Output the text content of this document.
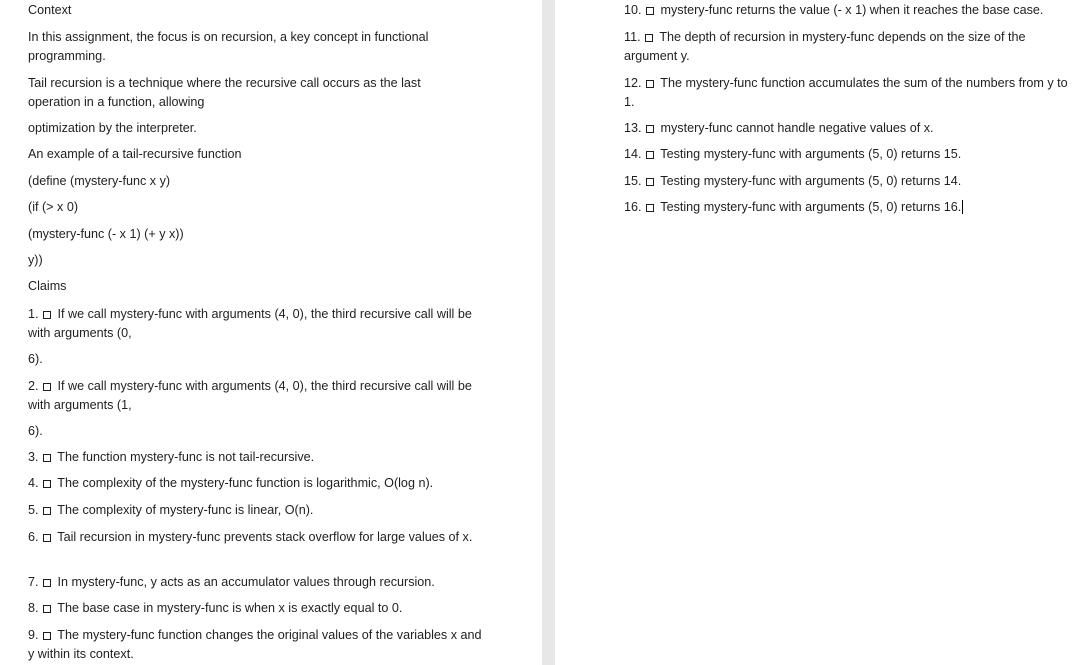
Context
In this assignment, the focus is on recursion, a key concept in functional programming.
Tail recursion is a technique where the recursive call occurs as the last operation in a function, allowing
optimization by the interpreter.
An example of a tail-recursive function
(define (mystery-func x y)
(if (> x 0)
(mystery-func (- x 1) (+ y x))
y))
Claims
1.  If we call mystery-func with arguments (4, 0), the third recursive call will be with arguments (0,
6).
2.  If we call mystery-func with arguments (4, 0), the third recursive call will be with arguments (1,
6).
3.  The function mystery-func is not tail-recursive.
4.  The complexity of the mystery-func function is logarithmic, O(log n).
5.  The complexity of mystery-func is linear, O(n).
6.  Tail recursion in mystery-func prevents stack overflow for large values of x.
7.  In mystery-func, y acts as an accumulator values through recursion.
8.  The base case in mystery-func is when x is exactly equal to 0.
9.  The mystery-func function changes the original values of the variables x and y within its context.
10.  mystery-func returns the value (- x 1) when it reaches the base case.
11.  The depth of recursion in mystery-func depends on the size of the argument y.
12.  The mystery-func function accumulates the sum of the numbers from y to 1.
13.  mystery-func cannot handle negative values of x.
14.  Testing mystery-func with arguments (5, 0) returns 15.
15.  Testing mystery-func with arguments (5, 0) returns 14.
16.  Testing mystery-func with arguments (5, 0) returns 16.
